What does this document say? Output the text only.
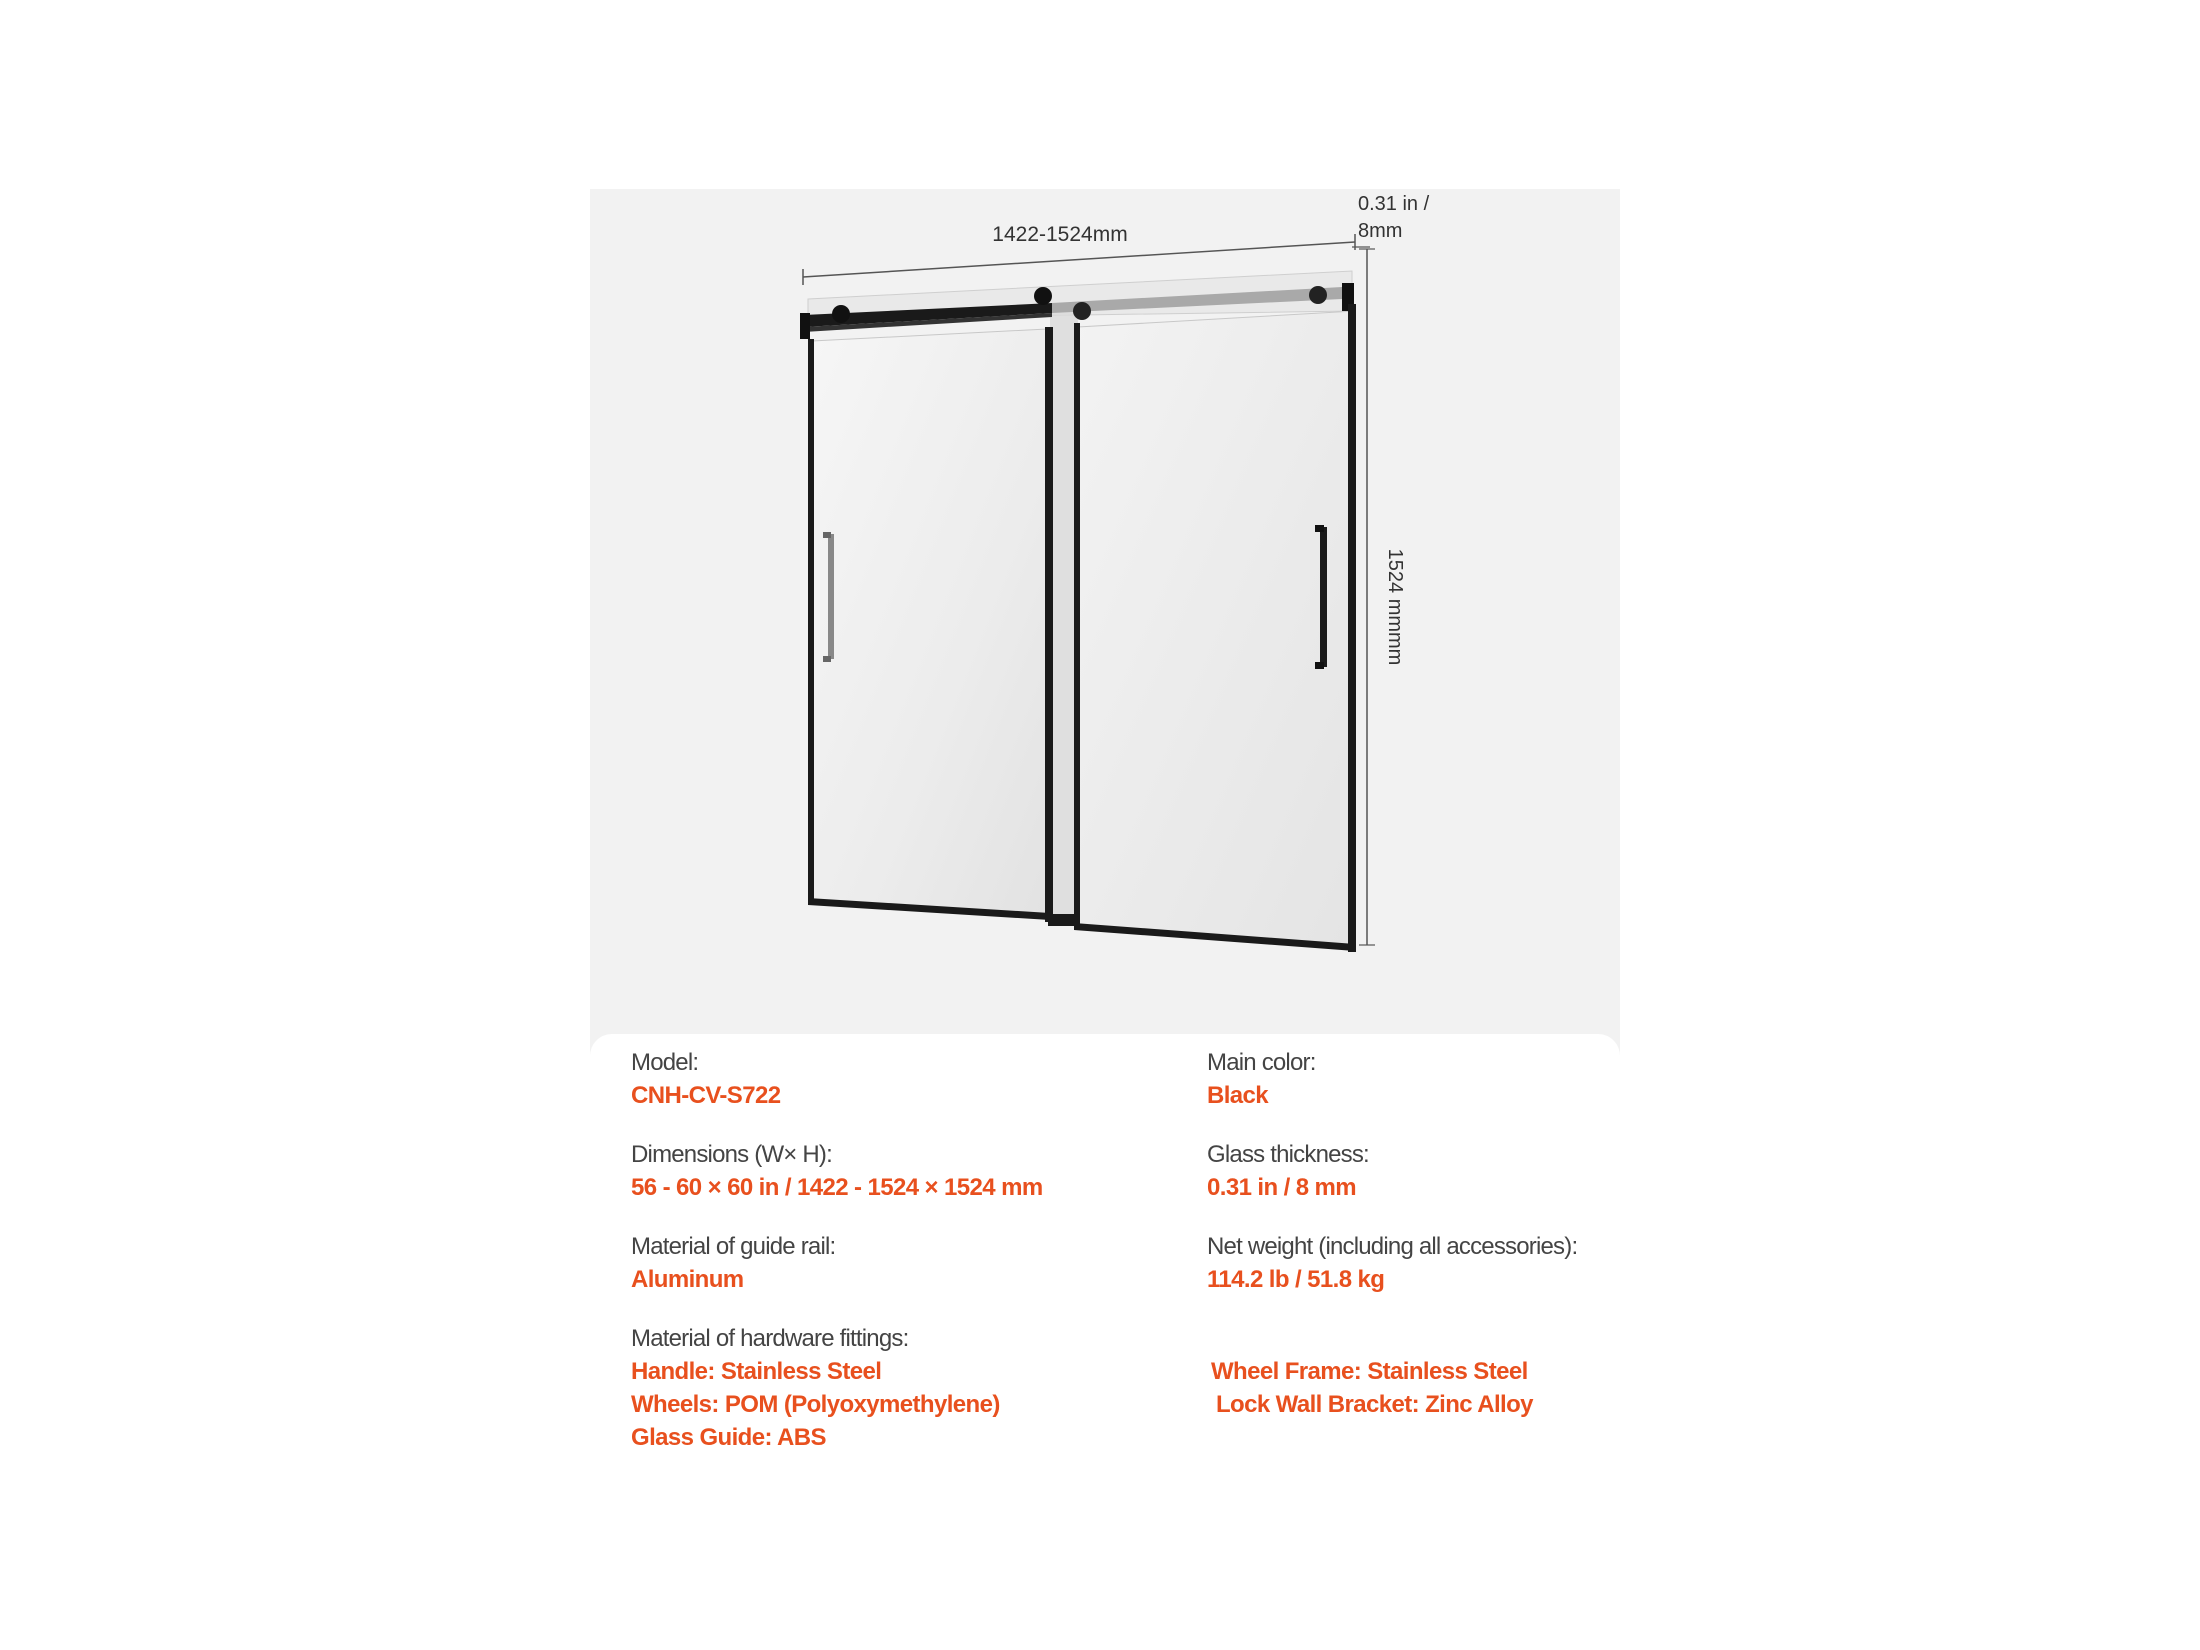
1422-1524mm
0.31 in /
8mm
1524 mmmm
Model:
CNH-CV-S722
Main color:
Black
Dimensions (W× H):
56 - 60 × 60 in / 1422 - 1524 × 1524 mm
Glass thickness:
0.31 in / 8 mm
Material of guide rail:
Aluminum
Net weight (including all accessories):
114.2 lb / 51.8 kg
Material of hardware fittings:
Handle: Stainless Steel
Wheels: POM (Polyoxymethylene)
Glass Guide: ABS
Wheel Frame: Stainless Steel
Lock Wall Bracket: Zinc Alloy
